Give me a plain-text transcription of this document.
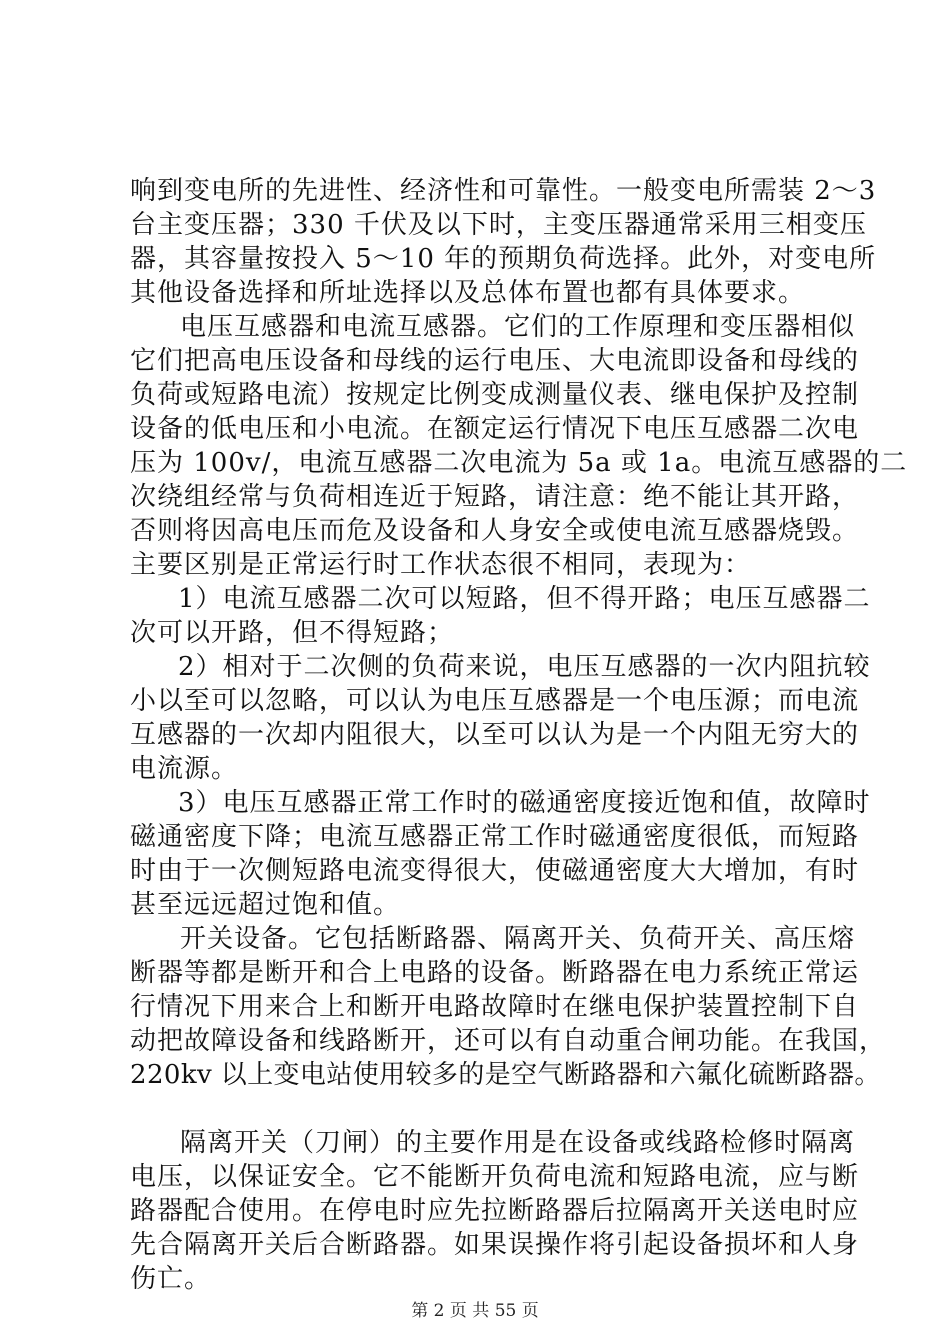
响到变电所的先进性、经济性和可靠性。一般变电所需装 2～3
台主变压器；330 千伏及以下时，主变压器通常采用三相变压
器，其容量按投入 5～10 年的预期负荷选择。此外，对变电所
其他设备选择和所址选择以及总体布置也都有具体要求。
电压互感器和电流互感器。它们的工作原理和变压器相似
它们把高电压设备和母线的运行电压、大电流即设备和母线的
负荷或短路电流）按规定比例变成测量仪表、继电保护及控制
设备的低电压和小电流。在额定运行情况下电压互感器二次电
压为 100v/，电流互感器二次电流为 5a 或 1a。电流互感器的二
次绕组经常与负荷相连近于短路，请注意：绝不能让其开路，
否则将因高电压而危及设备和人身安全或使电流互感器烧毁。
主要区别是正常运行时工作状态很不相同，表现为：
1）电流互感器二次可以短路，但不得开路；电压互感器二
次可以开路，但不得短路；
2）相对于二次侧的负荷来说，电压互感器的一次内阻抗较
小以至可以忽略，可以认为电压互感器是一个电压源；而电流
互感器的一次却内阻很大，以至可以认为是一个内阻无穷大的
电流源。
3）电压互感器正常工作时的磁通密度接近饱和值，故障时
磁通密度下降；电流互感器正常工作时磁通密度很低，而短路
时由于一次侧短路电流变得很大，使磁通密度大大增加，有时
甚至远远超过饱和值。
开关设备。它包括断路器、隔离开关、负荷开关、高压熔
断器等都是断开和合上电路的设备。断路器在电力系统正常运
行情况下用来合上和断开电路故障时在继电保护装置控制下自
动把故障设备和线路断开，还可以有自动重合闸功能。在我国，
220kv 以上变电站使用较多的是空气断路器和六氟化硫断路器。
隔离开关（刀闸）的主要作用是在设备或线路检修时隔离
电压，以保证安全。它不能断开负荷电流和短路电流，应与断
路器配合使用。在停电时应先拉断路器后拉隔离开关送电时应
先合隔离开关后合断路器。如果误操作将引起设备损坏和人身
伤亡。
第 2 页 共 55 页
